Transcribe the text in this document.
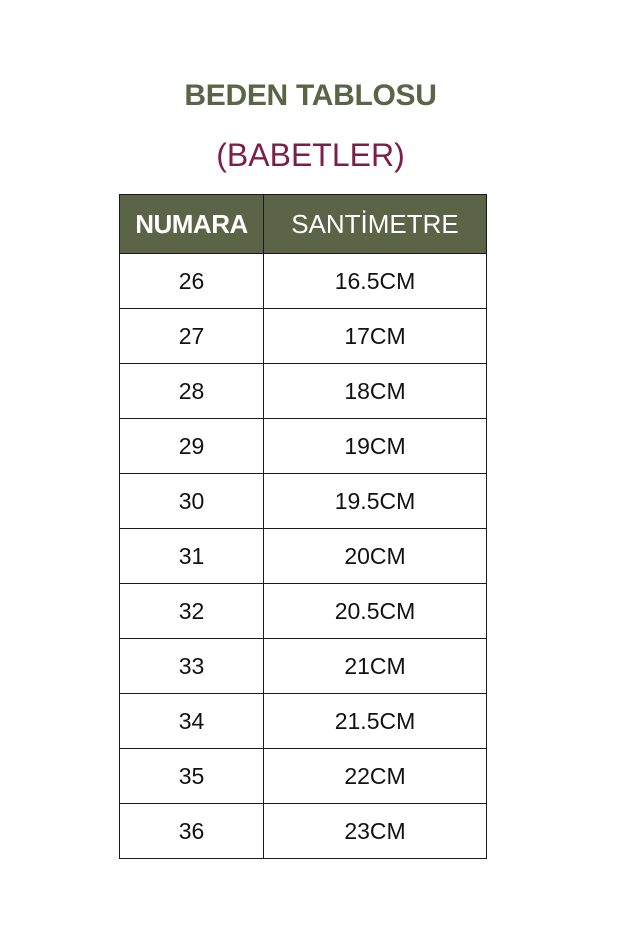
BEDEN TABLOSU
(BABETLER)
NUMARA	SANTİMETRE
26	16.5CM
27	17CM
28	18CM
29	19CM
30	19.5CM
31	20CM
32	20.5CM
33	21CM
34	21.5CM
35	22CM
36	23CM
